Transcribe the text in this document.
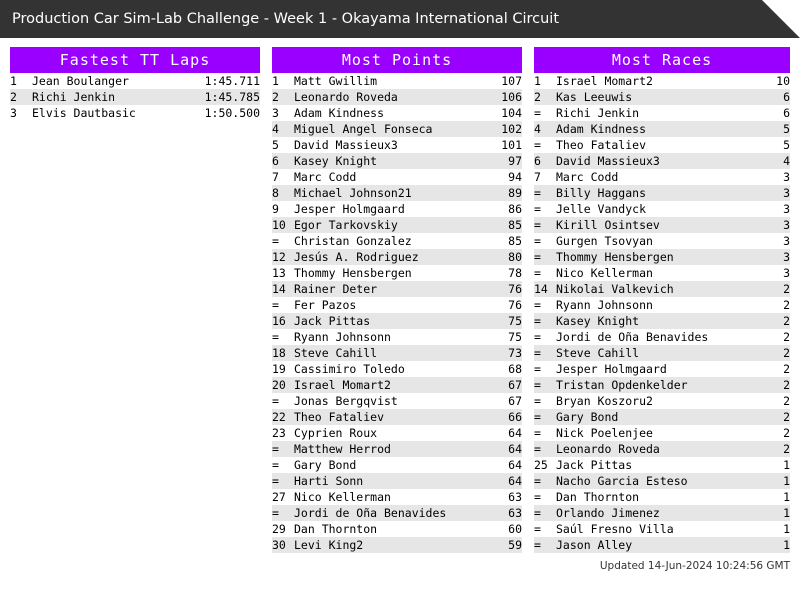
Production Car Sim-Lab Challenge - Week 1 - Okayama International Circuit
Fastest TT Laps
1	Jean Boulanger	1:45.711
2	Richi Jenkin	1:45.785
3	Elvis Dautbasic	1:50.500
Most Points
1	Matt Gwillim	107
2	Leonardo Roveda	106
3	Adam Kindness	104
4	Miguel Angel Fonseca	102
5	David Massieux3	101
6	Kasey Knight	97
7	Marc Codd	94
8	Michael Johnson21	89
9	Jesper Holmgaard	86
10	Egor Tarkovskiy	85
=	Christan Gonzalez	85
12	Jesús A. Rodriguez	80
13	Thommy Hensbergen	78
14	Rainer Deter	76
=	Fer Pazos	76
16	Jack Pittas	75
=	Ryann Johnsonn	75
18	Steve Cahill	73
19	Cassimiro Toledo	68
20	Israel Momart2	67
=	Jonas Bergqvist	67
22	Theo Fataliev	66
23	Cyprien Roux	64
=	Matthew Herrod	64
=	Gary Bond	64
=	Harti Sonn	64
27	Nico Kellerman	63
=	Jordi de Oña Benavides	63
29	Dan Thornton	60
30	Levi King2	59
Most Races
1	Israel Momart2	10
2	Kas Leeuwis	6
=	Richi Jenkin	6
4	Adam Kindness	5
=	Theo Fataliev	5
6	David Massieux3	4
7	Marc Codd	3
=	Billy Haggans	3
=	Jelle Vandyck	3
=	Kirill Osintsev	3
=	Gurgen Tsovyan	3
=	Thommy Hensbergen	3
=	Nico Kellerman	3
14	Nikolai Valkevich	2
=	Ryann Johnsonn	2
=	Kasey Knight	2
=	Jordi de Oña Benavides	2
=	Steve Cahill	2
=	Jesper Holmgaard	2
=	Tristan Opdenkelder	2
=	Bryan Koszoru2	2
=	Gary Bond	2
=	Nick Poelenjee	2
=	Leonardo Roveda	2
25	Jack Pittas	1
=	Nacho Garcia Esteso	1
=	Dan Thornton	1
=	Orlando Jimenez	1
=	Saúl Fresno Villa	1
=	Jason Alley	1
Updated 14-Jun-2024 10:24:56 GMT
